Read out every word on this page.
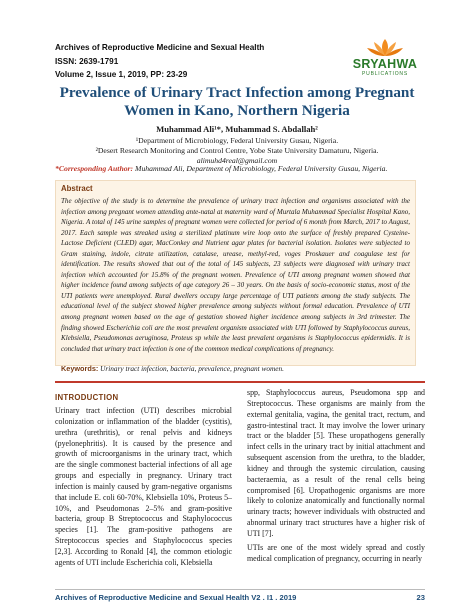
Archives of Reproductive Medicine and Sexual Health
ISSN: 2639-1791
Volume 2, Issue 1, 2019, PP: 23-29
SRYAHWA
PUBLICATIONS
Prevalence of Urinary Tract Infection among Pregnant Women in Kano, Northern Nigeria
Muhammad Ali¹*, Muhammad S. Abdallah²
¹Department of Microbiology, Federal University Gusau, Nigeria.
²Desert Research Monitoring and Control Centre, Yobe State University Damaturu, Nigeria.
alimuhd4real@gmail.com
*Corresponding Author: Muhammad Ali, Department of Microbiology, Federal University Gusau, Nigeria.
Abstract
The objective of the study is to determine the prevalence of urinary tract infection and organisms associated with the infection among pregnant women attending ante-natal at maternity ward of Murtala Muhammad Specialist Hospital Kano, Nigeria. A total of 145 urine samples of pregnant women were collected for period of 6 month from March, 2017 to August, 2017. Each sample was streaked using a sterilized platinum wire loop onto the surface of freshly prepared Cysteine-Lactose Deficient (CLED) agar, MacConkey and Nutrient agar plates for bacterial isolation. Isolates were subjected to Gram staining, indole, citrate utilization, catalase, urease, methyl-red, voges Proskauer and coagulase test for identification. The results showed that out of the total of 145 subjects, 23 subjects were diagnosed with urinary tract infection which accounted for 15.8% of the pregnant women. Prevalence of UTI among pregnant women showed that higher incidence found among subjects of age category 26 – 30 years. On the basis of socio-economic status, most of the UTI patients were unemployed. Rural dwellers occupy large percentage of UTI patients among the study subjects. The educational level of the subject showed higher prevalence among subjects without formal education. Prevalence of UTI among pregnant women based on the age of gestation showed higher incidence among subjects in 3rd trimester. The finding showed Escherichia coli are the most prevalent organism associated with UTI followed by Staphylococcus aureus, Klebsiella, Pseudomonas aeruginosa, Proteus sp while the least prevalent organisms is Staphylococcus epidermidis. It is concluded that urinary tract infection is one of the common medical complications of pregnancy.
Keywords: Urinary tract infection, bacteria, prevalence, pregnant women.
INTRODUCTION

Urinary tract infection (UTI) describes microbial colonization or inflammation of the bladder (cystitis), urethra (urethritis), or renal pelvis and kidneys (pyelonephritis). It is caused by the presence and growth of microorganisms in the urinary tract, which are the single commonest bacterial infections of all age groups and especially in pregnancy. Urinary tract infection is mainly caused by gram-negative organisms that include E. coli 60-70%, Klebsiella 10%, Proteus 5–10%, and Pseudomonas 2–5% and gram-positive bacteria, group B Streptococcus and Staphylococcus species [1]. The gram-positive pathogens are Streptococcus species and Staphylococcus species [2,3]. According to Ronald [4], the common etiologic agents of UTI include Escherichia coli, Klebsiella

spp, Staphylococcus aureus, Pseudomona spp and Streptococcus. These organisms are mainly from the external genitalia, vagina, the genital tract, rectum, and gastro-intestinal tract. It may involve the lower urinary tract or the bladder [5]. These uropathogens generally infect cells in the urinary tract by initial attachment and subsequent ascension from the urethra, to the bladder, kidney and through the systemic circulation, causing bacteraemia, as a result of the renal cells being compromised [6]. Uropathogenic organisms are more likely to colonize anatomically and functionally normal urinary tracts; however individuals with obstructed and abnormal urinary tract structures have a higher risk of UTI [7].

UTIs are one of the most widely spread and costly medical complication of pregnancy, occurring in nearly

Archives of Reproductive Medicine and Sexual Health V2 . I1 . 2019	23
